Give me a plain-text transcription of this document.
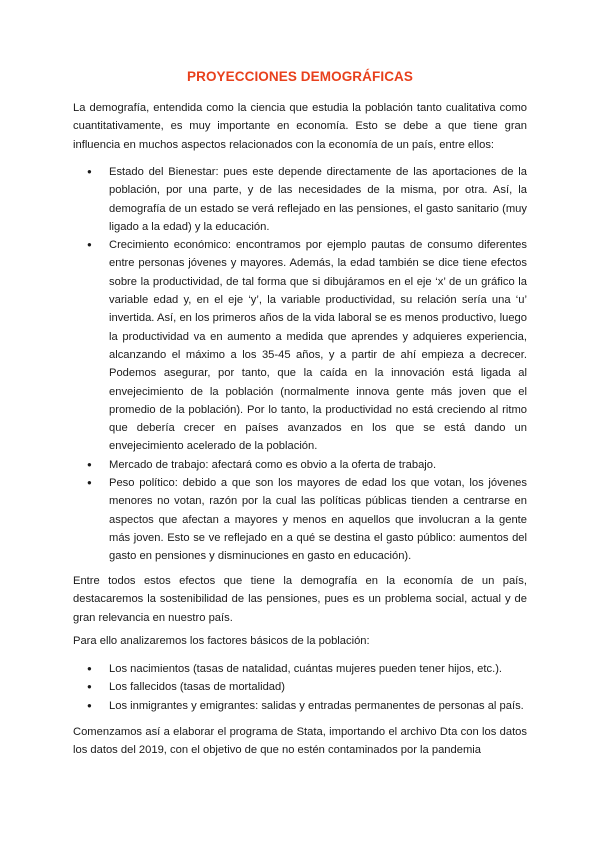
PROYECCIONES DEMOGRÁFICAS

La demografía, entendida como la ciencia que estudia la población tanto cualitativa como cuantitativamente, es muy importante en economía. Esto se debe a que tiene gran influencia en muchos aspectos relacionados con la economía de un país, entre ellos:

● Estado del Bienestar: pues este depende directamente de las aportaciones de la población, por una parte, y de las necesidades de la misma, por otra. Así, la demografía de un estado se verá reflejado en las pensiones, el gasto sanitario (muy ligado a la edad) y la educación.
● Crecimiento económico: encontramos por ejemplo pautas de consumo diferentes entre personas jóvenes y mayores. Además, la edad también se dice tiene efectos sobre la productividad, de tal forma que si dibujáramos en el eje ‘x’ de un gráfico la variable edad y, en el eje ‘y’, la variable productividad, su relación sería una ‘u’ invertida. Así, en los primeros años de la vida laboral se es menos productivo, luego la productividad va en aumento a medida que aprendes y adquieres experiencia, alcanzando el máximo a los 35-45 años, y a partir de ahí empieza a decrecer. Podemos asegurar, por tanto, que la caída en la innovación está ligada al envejecimiento de la población (normalmente innova gente más joven que el promedio de la población). Por lo tanto, la productividad no está creciendo al ritmo que debería crecer en países avanzados en los que se está dando un envejecimiento acelerado de la población.
● Mercado de trabajo: afectará como es obvio a la oferta de trabajo.
● Peso político: debido a que son los mayores de edad los que votan, los jóvenes menores no votan, razón por la cual las políticas públicas tienden a centrarse en aspectos que afectan a mayores y menos en aquellos que involucran a la gente más joven. Esto se ve reflejado en a qué se destina el gasto público: aumentos del gasto en pensiones y disminuciones en gasto en educación).

Entre todos estos efectos que tiene la demografía en la economía de un país, destacaremos la sostenibilidad de las pensiones, pues es un problema social, actual y de gran relevancia en nuestro país.

Para ello analizaremos los factores básicos de la población:

● Los nacimientos (tasas de natalidad, cuántas mujeres pueden tener hijos, etc.).
● Los fallecidos (tasas de mortalidad)
● Los inmigrantes y emigrantes: salidas y entradas permanentes de personas al país.

Comenzamos así a elaborar el programa de Stata, importando el archivo Dta con los datos los datos del 2019, con el objetivo de que no estén contaminados por la pandemia
